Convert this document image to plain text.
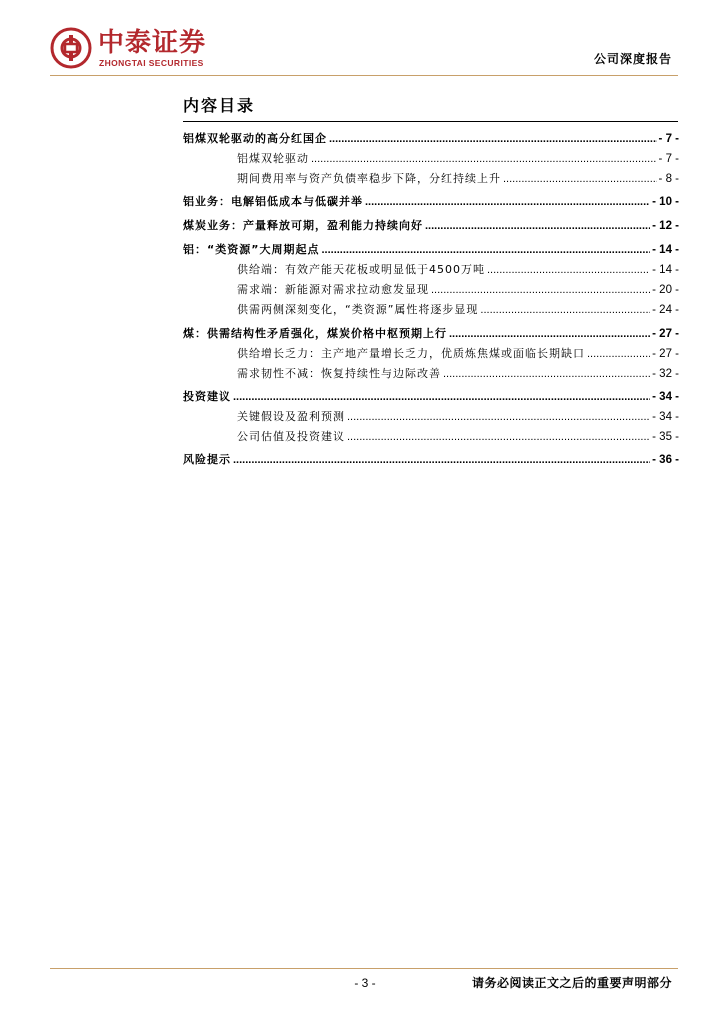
中泰证券
ZHONGTAI SECURITIES	公司深度报告
内容目录
铝煤双轮驱动的高分红国企 .....	- 7 -
铝煤双轮驱动 .....	- 7 -
期间费用率与资产负债率稳步下降，分红持续上升 .....	- 8 -
铝业务：电解铝低成本与低碳并举 .....	- 10 -
煤炭业务：产量释放可期，盈利能力持续向好 .....	- 12 -
铝：“类资源”大周期起点 .....	- 14 -
供给端：有效产能天花板或明显低于4500万吨 .....	- 14 -
需求端：新能源对需求拉动愈发显现 .....	- 20 -
供需两侧深刻变化，“类资源”属性将逐步显现 .....	- 24 -
煤：供需结构性矛盾强化，煤炭价格中枢预期上行 .....	- 27 -
供给增长乏力：主产地产量增长乏力，优质炼焦煤或面临长期缺口 .....	- 27 -
需求韧性不减：恢复持续性与边际改善 .....	- 32 -
投资建议 .....	- 34 -
关键假设及盈利预测 .....	- 34 -
公司估值及投资建议 .....	- 35 -
风险提示 .....	- 36 -
- 3 -	请务必阅读正文之后的重要声明部分
